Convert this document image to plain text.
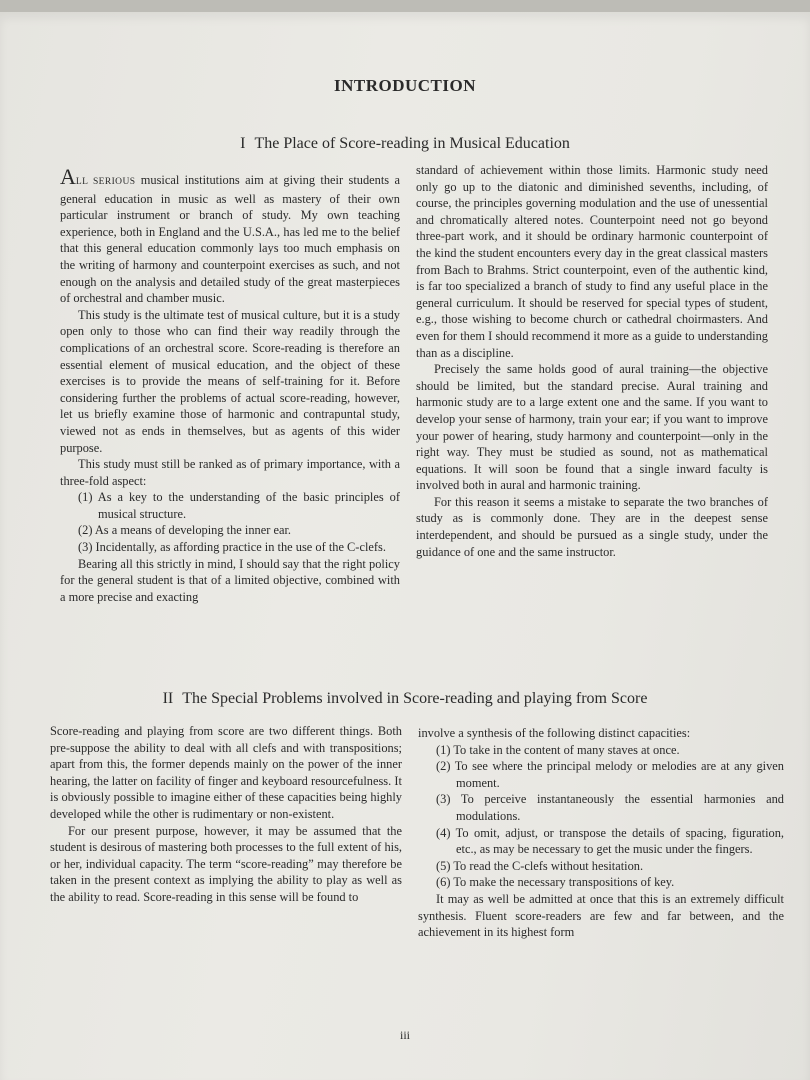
INTRODUCTION
I The Place of Score-reading in Musical Education

ALL SERIOUS musical institutions aim at giving their students a general education in music as well as mastery of their own particular instrument or branch of study. My own teaching experience, both in England and the U.S.A., has led me to the belief that this general education commonly lays too much emphasis on the writing of harmony and counterpoint exercises as such, and not enough on the analysis and detailed study of the great masterpieces of orchestral and chamber music.

This study is the ultimate test of musical culture, but it is a study open only to those who can find their way readily through the complications of an orchestral score. Score-reading is therefore an essential element of musical education, and the object of these exercises is to provide the means of self-training for it. Before considering further the problems of actual score-reading, however, let us briefly examine those of harmonic and contrapuntal study, viewed not as ends in themselves, but as agents of this wider purpose.

This study must still be ranked as of primary importance, with a three-fold aspect:

(1) As a key to the understanding of the basic principles of musical structure.

(2) As a means of developing the inner ear.

(3) Incidentally, as affording practice in the use of the C-clefs.

Bearing all this strictly in mind, I should say that the right policy for the general student is that of a limited objective, combined with a more precise and exacting

standard of achievement within those limits. Harmonic study need only go up to the diatonic and diminished sevenths, including, of course, the principles governing modulation and the use of unessential and chromatically altered notes. Counterpoint need not go beyond three-part work, and it should be ordinary harmonic counterpoint of the kind the student encounters every day in the great classical masters from Bach to Brahms. Strict counterpoint, even of the authentic kind, is far too specialized a branch of study to find any useful place in the general curriculum. It should be reserved for special types of student, e.g., those wishing to become church or cathedral choirmasters. And even for them I should recommend it more as a guide to understanding than as a discipline.

Precisely the same holds good of aural training—the objective should be limited, but the standard precise. Aural training and harmonic study are to a large extent one and the same. If you want to develop your sense of harmony, train your ear; if you want to improve your power of hearing, study harmony and counterpoint—only in the right way. They must be studied as sound, not as mathematical equations. It will soon be found that a single inward faculty is involved both in aural and harmonic training.

For this reason it seems a mistake to separate the two branches of study as is commonly done. They are in the deepest sense interdependent, and should be pursued as a single study, under the guidance of one and the same instructor.

II The Special Problems involved in Score-reading and playing from Score

Score-reading and playing from score are two different things. Both pre-suppose the ability to deal with all clefs and with transpositions; apart from this, the former depends mainly on the power of the inner hearing, the latter on facility of finger and keyboard resourcefulness. It is obviously possible to imagine either of these capacities being highly developed while the other is rudimentary or non-existent.

For our present purpose, however, it may be assumed that the student is desirous of mastering both processes to the full extent of his, or her, individual capacity. The term “score-reading” may therefore be taken in the present context as implying the ability to play as well as the ability to read. Score-reading in this sense will be found to

involve a synthesis of the following distinct capacities:

(1) To take in the content of many staves at once.

(2) To see where the principal melody or melodies are at any given moment.

(3) To perceive instantaneously the essential harmonies and modulations.

(4) To omit, adjust, or transpose the details of spacing, figuration, etc., as may be necessary to get the music under the fingers.

(5) To read the C-clefs without hesitation.

(6) To make the necessary transpositions of key.

It may as well be admitted at once that this is an extremely difficult synthesis. Fluent score-readers are few and far between, and the achievement in its highest form

iii
